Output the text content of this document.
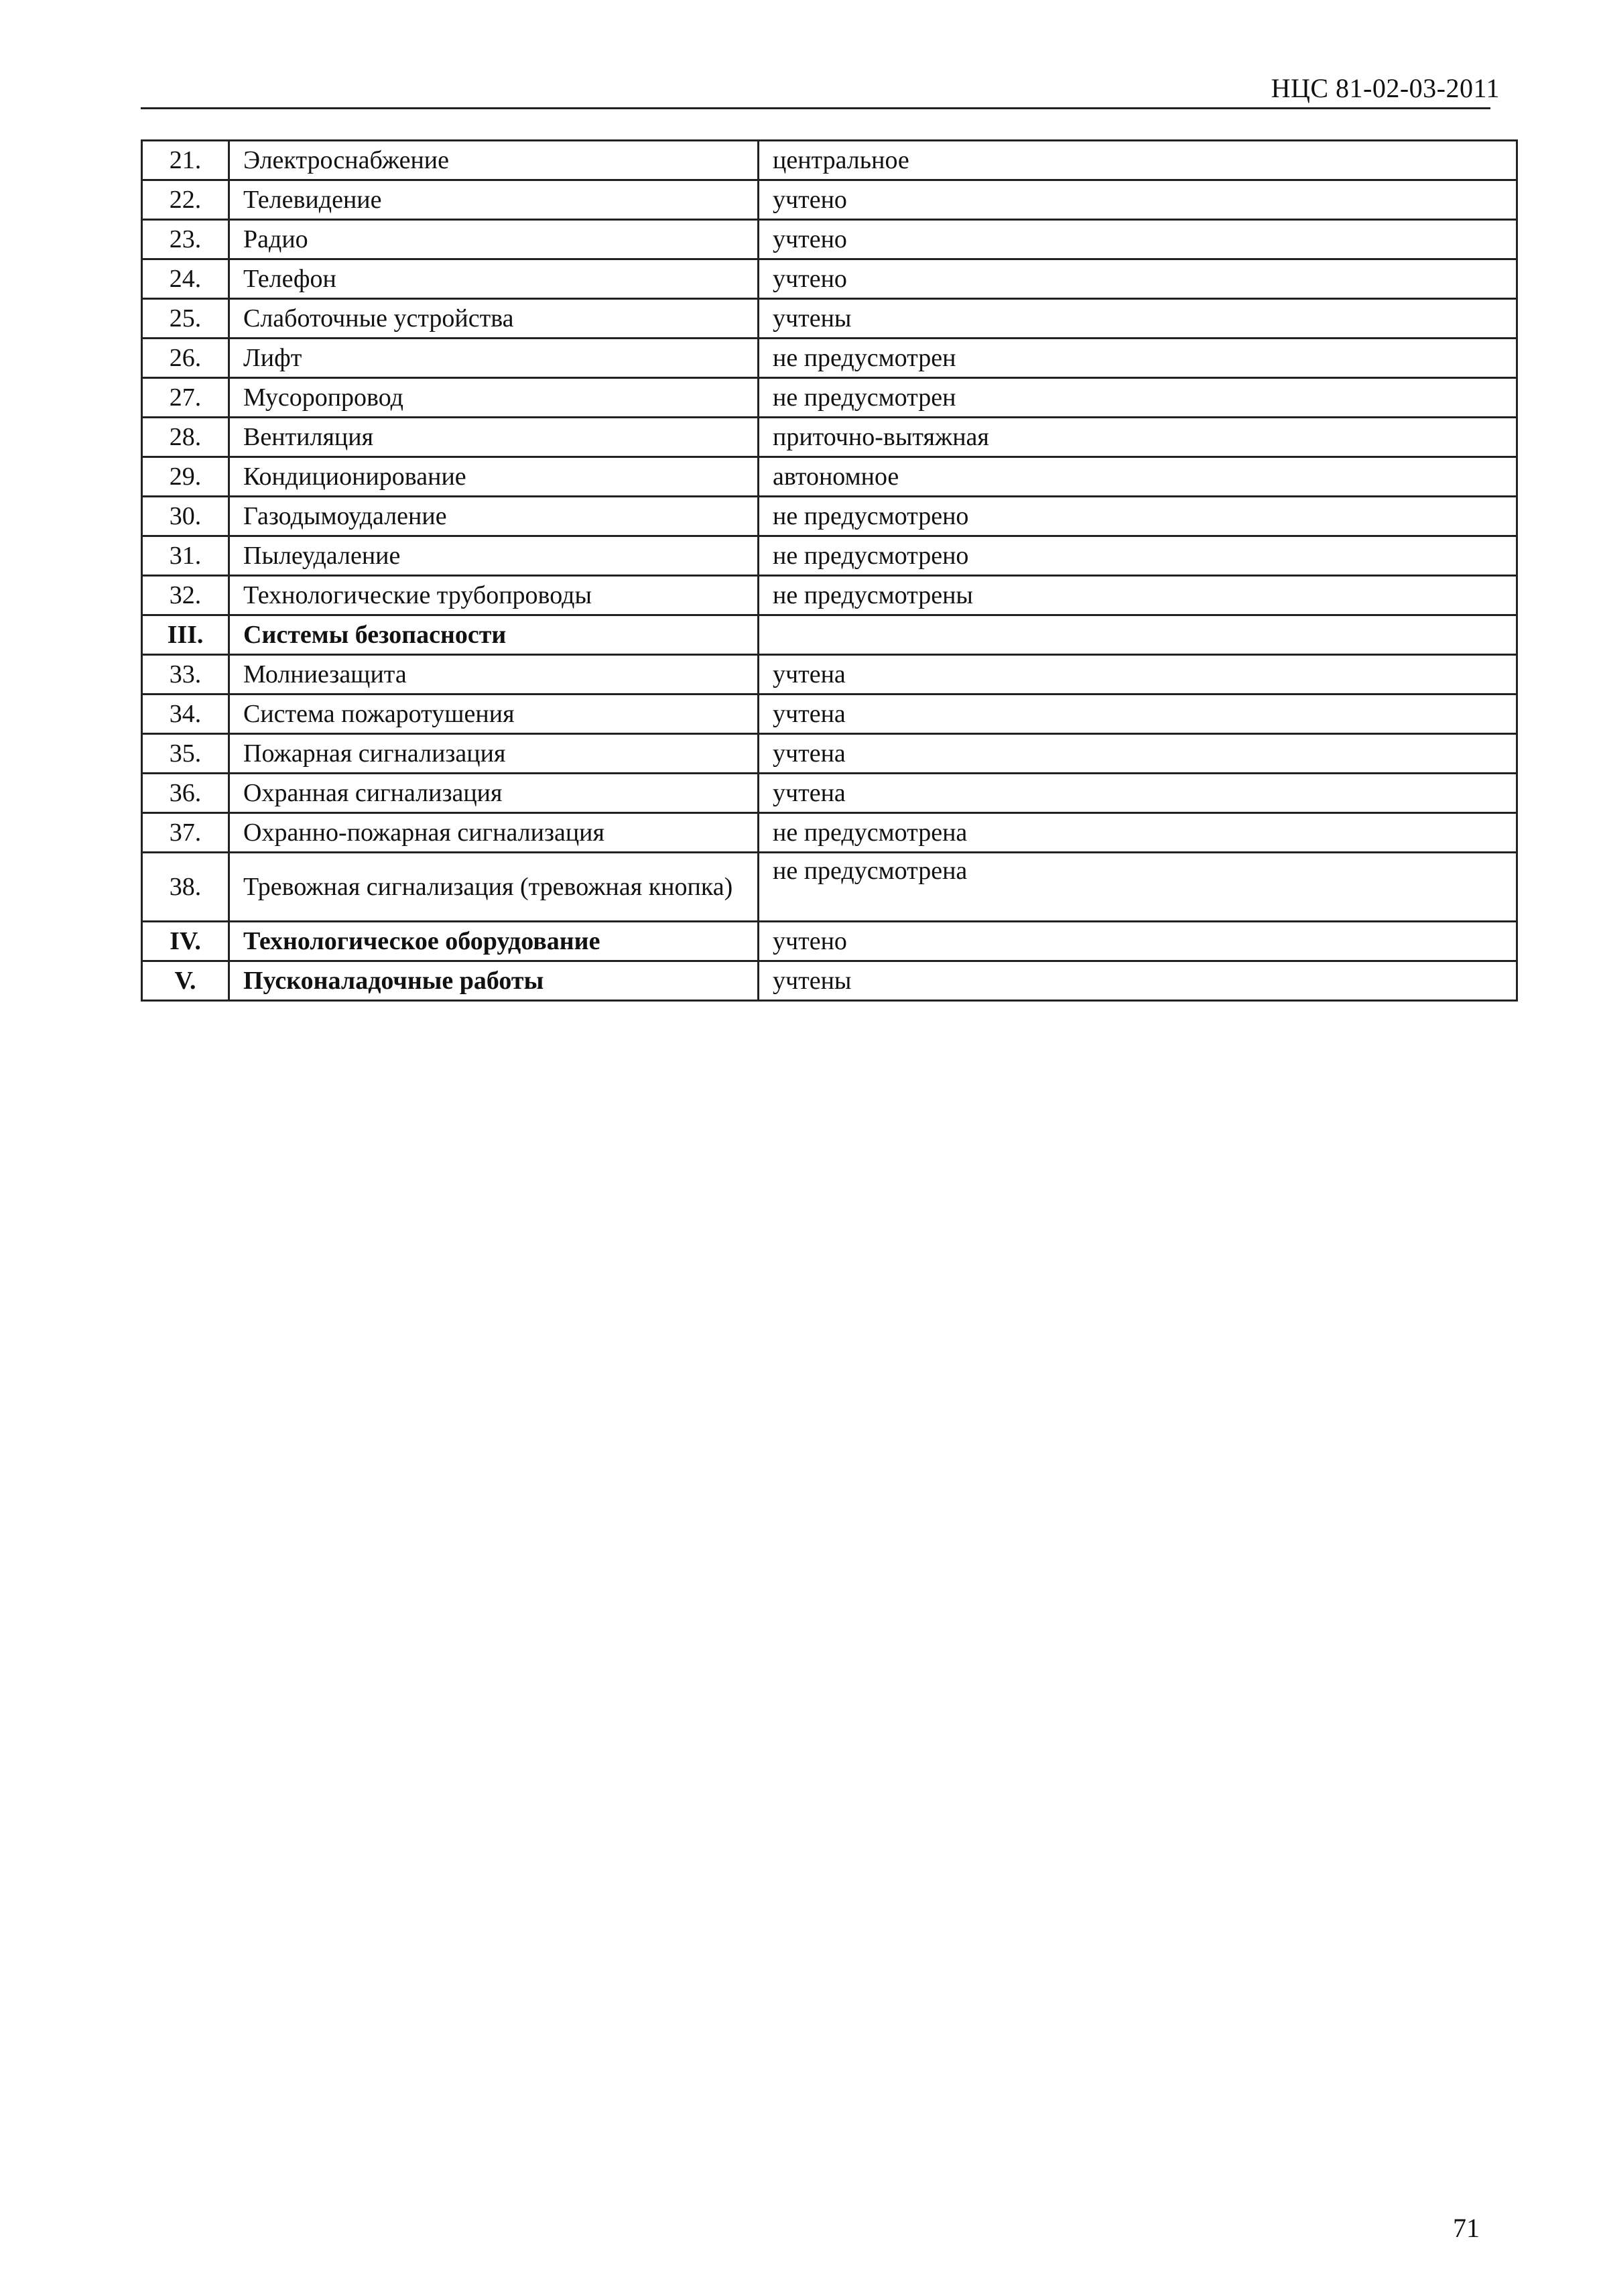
НЦС 81-02-03-2011
21.	Электроснабжение	центральное
22.	Телевидение	учтено
23.	Радио	учтено
24.	Телефон	учтено
25.	Слаботочные устройства	учтены
26.	Лифт	не предусмотрен
27.	Мусоропровод	не предусмотрен
28.	Вентиляция	приточно-вытяжная
29.	Кондиционирование	автономное
30.	Газодымоудаление	не предусмотрено
31.	Пылеудаление	не предусмотрено
32.	Технологические трубопроводы	не предусмотрены
III.	Системы безопасности	
33.	Молниезащита	учтена
34.	Система пожаротушения	учтена
35.	Пожарная сигнализация	учтена
36.	Охранная сигнализация	учтена
37.	Охранно-пожарная сигнализация	не предусмотрена
38.	Тревожная сигнализация (тревожная кнопка)	не предусмотрена
IV.	Технологическое оборудование	учтено
V.	Пусконаладочные работы	учтены
71
